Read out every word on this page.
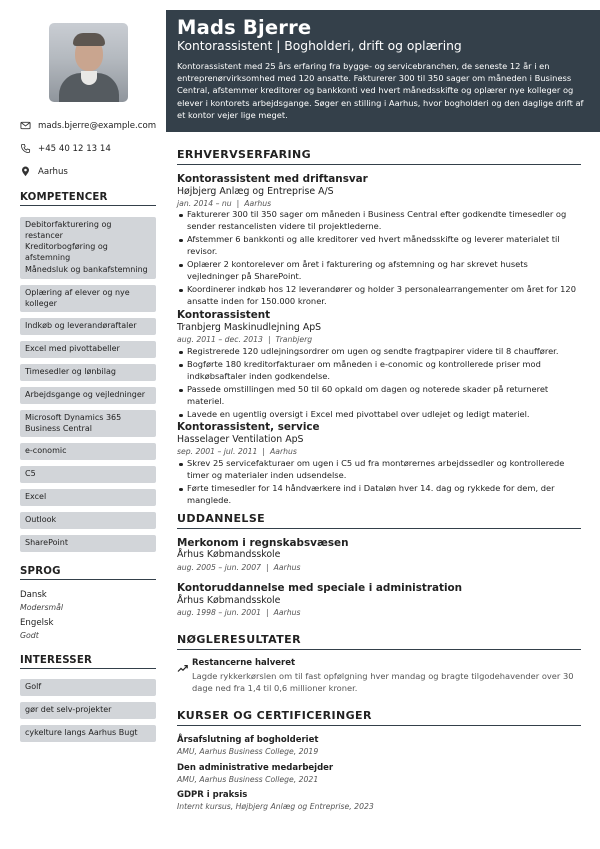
mads.bjerre@example.com
+45 40 12 13 14
Aarhus
KOMPETENCER
Debitorfakturering og restancer
Kreditorbogføring og afstemning
Månedsluk og bankafstemning
Oplæring af elever og nye kolleger
Indkøb og leverandøraftaler
Excel med pivottabeller
Timesedler og lønbilag
Arbejdsgange og vejledninger
Microsoft Dynamics 365 Business Central
e-conomic
C5
Excel
Outlook
SharePoint
SPROG
Dansk
Modersmål
Engelsk
Godt
INTERESSER
Golf
gør det selv-projekter
cykelture langs Aarhus Bugt
Mads Bjerre
Kontorassistent | Bogholderi, drift og oplæring
Kontorassistent med 25 års erfaring fra bygge- og servicebranchen, de seneste 12 år i en entreprenørvirksomhed med 120 ansatte. Fakturerer 300 til 350 sager om måneden i Business Central, afstemmer kreditorer og bankkonti ved hvert månedsskifte og oplærer nye kolleger og elever i kontorets arbejdsgange. Søger en stilling i Aarhus, hvor bogholderi og den daglige drift af et kontor vejer lige meget.
ERHVERVSERFARING
Kontorassistent med driftansvar
Højbjerg Anlæg og Entreprise A/S
jan. 2014 – nu | Aarhus
Fakturerer 300 til 350 sager om måneden i Business Central efter godkendte timesedler og sender restancelisten videre til projektlederne.
Afstemmer 6 bankkonti og alle kreditorer ved hvert månedsskifte og leverer materialet til revisor.
Oplærer 2 kontorelever om året i fakturering og afstemning og har skrevet husets vejledninger på SharePoint.
Koordinerer indkøb hos 12 leverandører og holder 3 personalearrangementer om året for 120 ansatte inden for 150.000 kroner.
Kontorassistent
Tranbjerg Maskinudlejning ApS
aug. 2011 – dec. 2013 | Tranbjerg
Registrerede 120 udlejningsordrer om ugen og sendte fragtpapirer videre til 8 chauffører.
Bogførte 180 kreditorfakturaer om måneden i e-conomic og kontrollerede priser mod indkøbsaftaler inden godkendelse.
Passede omstillingen med 50 til 60 opkald om dagen og noterede skader på returneret materiel.
Lavede en ugentlig oversigt i Excel med pivottabel over udlejet og ledigt materiel.
Kontorassistent, service
Hasselager Ventilation ApS
sep. 2001 – jul. 2011 | Aarhus
Skrev 25 servicefakturaer om ugen i C5 ud fra montørernes arbejdssedler og kontrollerede timer og materialer inden udsendelse.
Førte timesedler for 14 håndværkere ind i Dataløn hver 14. dag og rykkede for dem, der manglede.
UDDANNELSE
Merkonom i regnskabsvæsen
Århus Købmandsskole
aug. 2005 – jun. 2007 | Aarhus
Kontoruddannelse med speciale i administration
Århus Købmandsskole
aug. 1998 – jun. 2001 | Aarhus
NØGLERESULTATER
Restancerne halveret
Lagde rykkerkørslen om til fast opfølgning hver mandag og bragte tilgodehavender over 30 dage ned fra 1,4 til 0,6 millioner kroner.
KURSER OG CERTIFICERINGER
Årsafslutning af bogholderiet
AMU, Aarhus Business College, 2019
Den administrative medarbejder
AMU, Aarhus Business College, 2021
GDPR i praksis
Internt kursus, Højbjerg Anlæg og Entreprise, 2023
